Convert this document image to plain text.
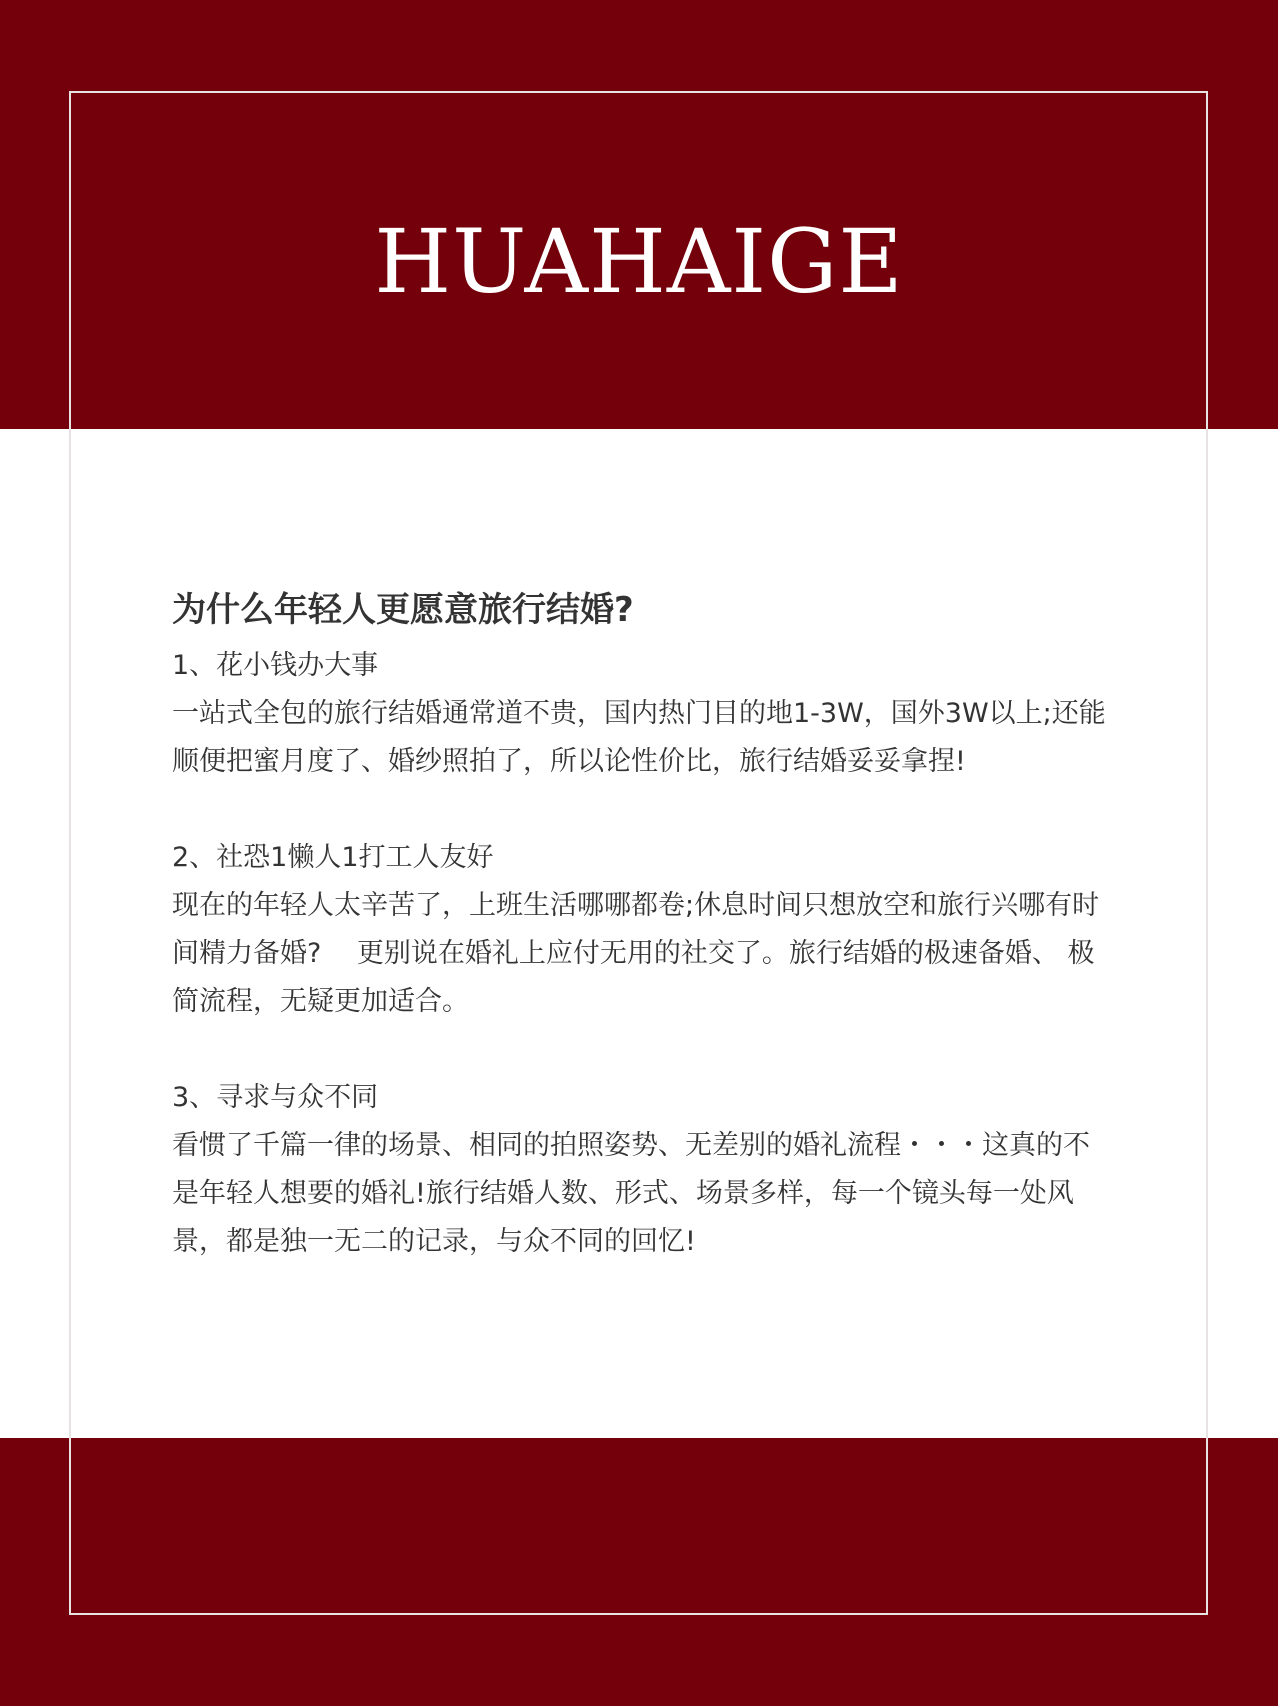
HUAHAIGE
为什么年轻人更愿意旅行结婚?

1、花小钱办大事

一站式全包的旅行结婚通常道不贵，国内热门目的地1-3W，国外3W以上;还能顺便把蜜月度了、婚纱照拍了，所以论性价比，旅行结婚妥妥拿捏!

2、社恐1懒人1打工人友好

现在的年轻人太辛苦了，上班生活哪哪都卷;休息时间只想放空和旅行兴哪有时间精力备婚?　 更别说在婚礼上应付无用的社交了。旅行结婚的极速备婚、 极简流程，无疑更加适合。

3、寻求与众不同

看惯了千篇一律的场景、相同的拍照姿势、无差别的婚礼流程・・・这真的不是年轻人想要的婚礼!旅行结婚人数、形式、场景多样，每一个镜头每一处风景，都是独一无二的记录，与众不同的回忆!
